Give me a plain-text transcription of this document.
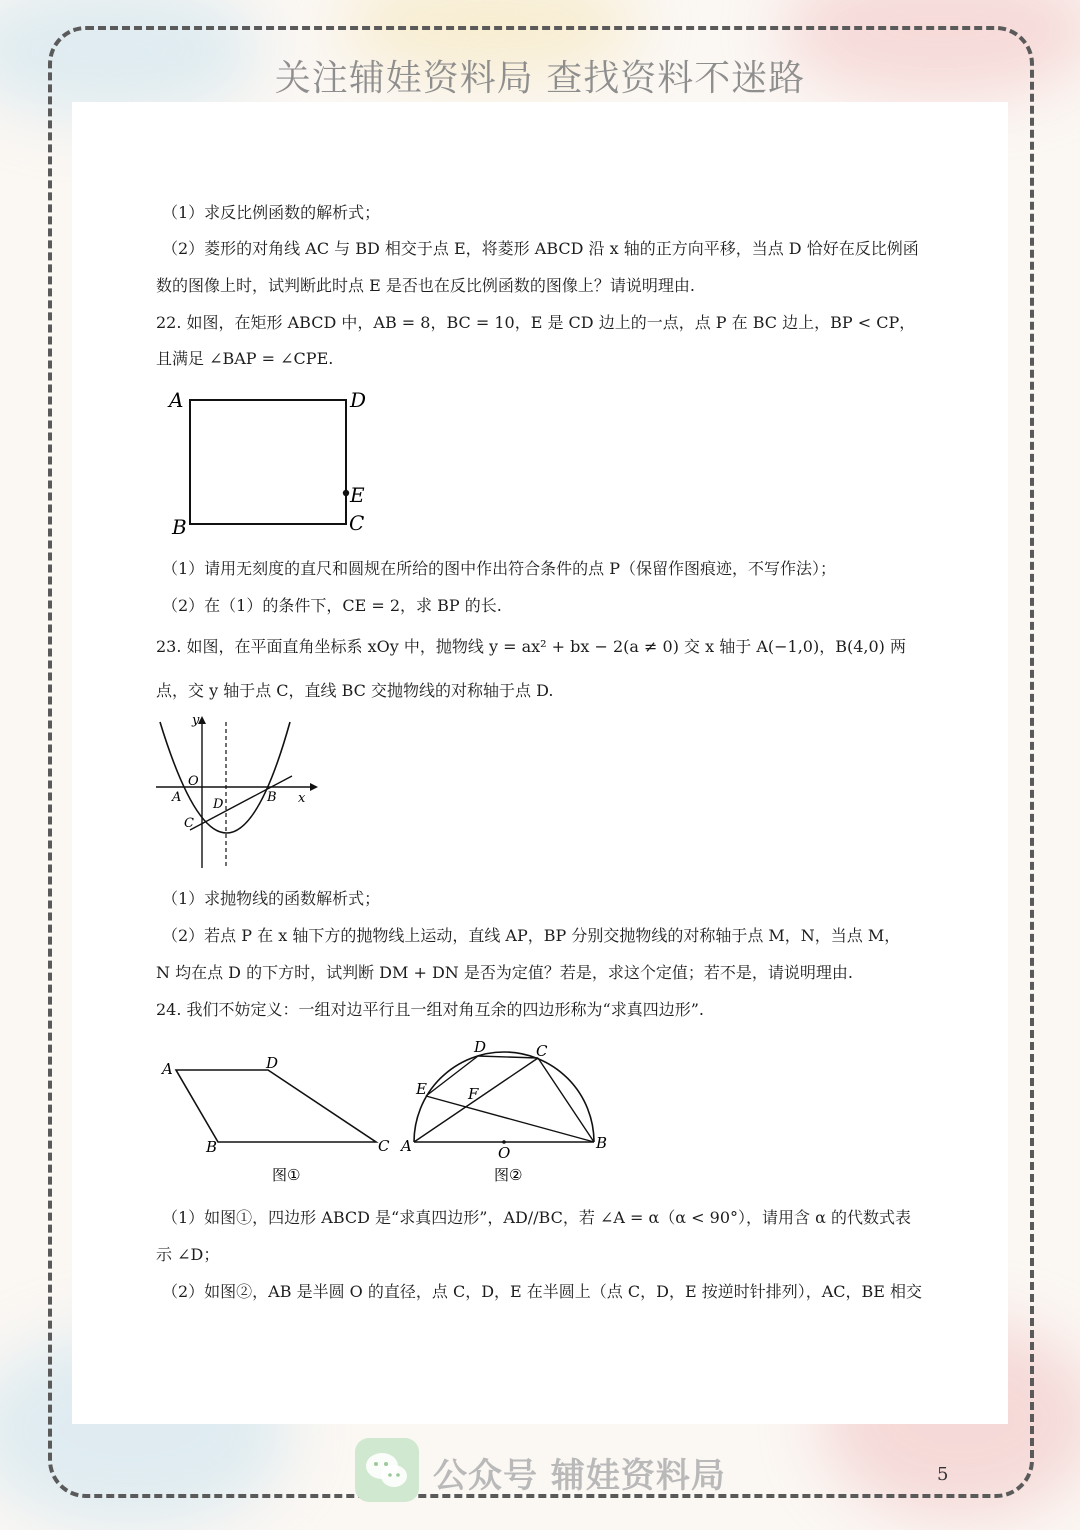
关注辅娃资料局 查找资料不迷路
（1）求反比例函数的解析式；
（2）菱形的对角线 AC 与 BD 相交于点 E，将菱形 ABCD 沿 x 轴的正方向平移，当点 D 恰好在反比例函
数的图像上时，试判断此时点 E 是否也在反比例函数的图像上？请说明理由.
22. 如图，在矩形 ABCD 中，AB = 8，BC = 10，E 是 CD 边上的一点，点 P 在 BC 边上，BP < CP，
且满足 ∠BAP = ∠CPE.
A	D
B	C
E
（1）请用无刻度的直尺和圆规在所给的图中作出符合条件的点 P（保留作图痕迹，不写作法）；
（2）在（1）的条件下，CE = 2，求 BP 的长.
23. 如图，在平面直角坐标系 xOy 中，抛物线 y = ax² + bx − 2(a ≠ 0) 交 x 轴于 A(−1,0)，B(4,0) 两
点，交 y 轴于点 C，直线 BC 交抛物线的对称轴于点 D.
y
x
O
A	B
C
D
（1）求抛物线的函数解析式；
（2）若点 P 在 x 轴下方的抛物线上运动，直线 AP，BP 分别交抛物线的对称轴于点 M，N，当点 M，
N 均在点 D 的下方时，试判断 DM + DN 是否为定值？若是，求这个定值；若不是，请说明理由.
24. 我们不妨定义：一组对边平行且一组对角互余的四边形称为“求真四边形”.
A	D
B	C
图①
A	B
C
D
E	F
O
图②
（1）如图①，四边形 ABCD 是“求真四边形”，AD//BC，若 ∠A = α（α < 90°），请用含 α 的代数式表
示 ∠D；
（2）如图②，AB 是半圆 O 的直径，点 C，D，E 在半圆上（点 C，D，E 按逆时针排列），AC，BE 相交
公众号 辅娃资料局	5
